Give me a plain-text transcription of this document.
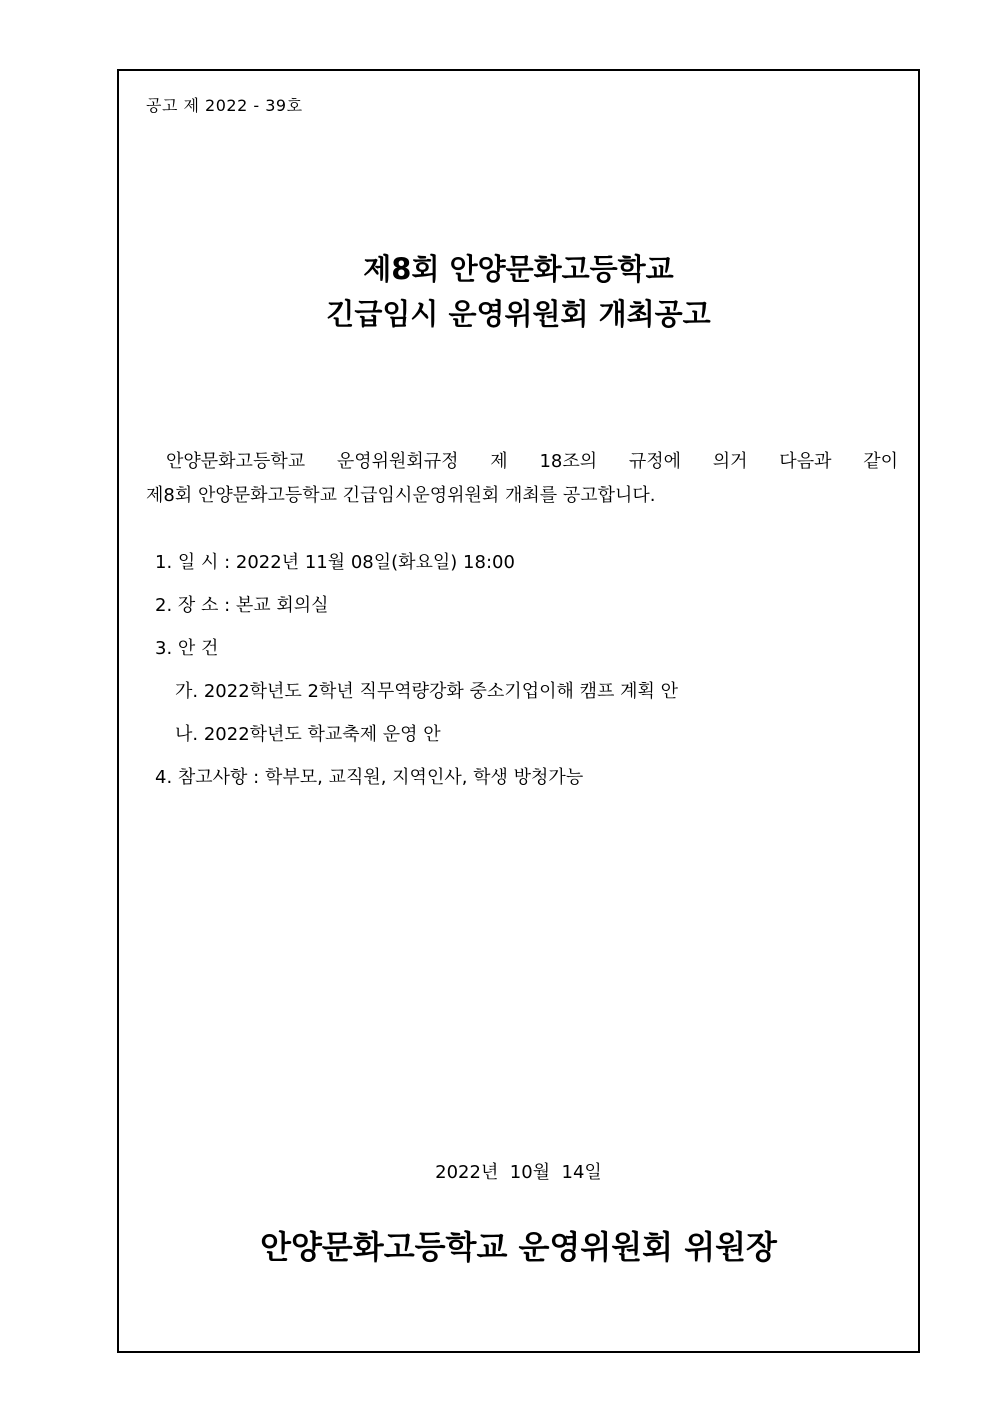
공고 제 2022 - 39호
제8회 안양문화고등학교
긴급임시 운영위원회 개최공고
안양문화고등학교 운영위원회규정 제 18조의 규정에 의거 다음과 같이
제8회 안양문화고등학교 긴급임시운영위원회 개최를 공고합니다.
1. 일 시 : 2022년 11월 08일(화요일) 18:00
2. 장 소 : 본교 회의실
3. 안 건
가. 2022학년도 2학년 직무역량강화 중소기업이해 캠프 계획 안
나. 2022학년도 학교축제 운영 안
4. 참고사항 : 학부모, 교직원, 지역인사, 학생 방청가능
2022년  10월  14일
안양문화고등학교 운영위원회 위원장
